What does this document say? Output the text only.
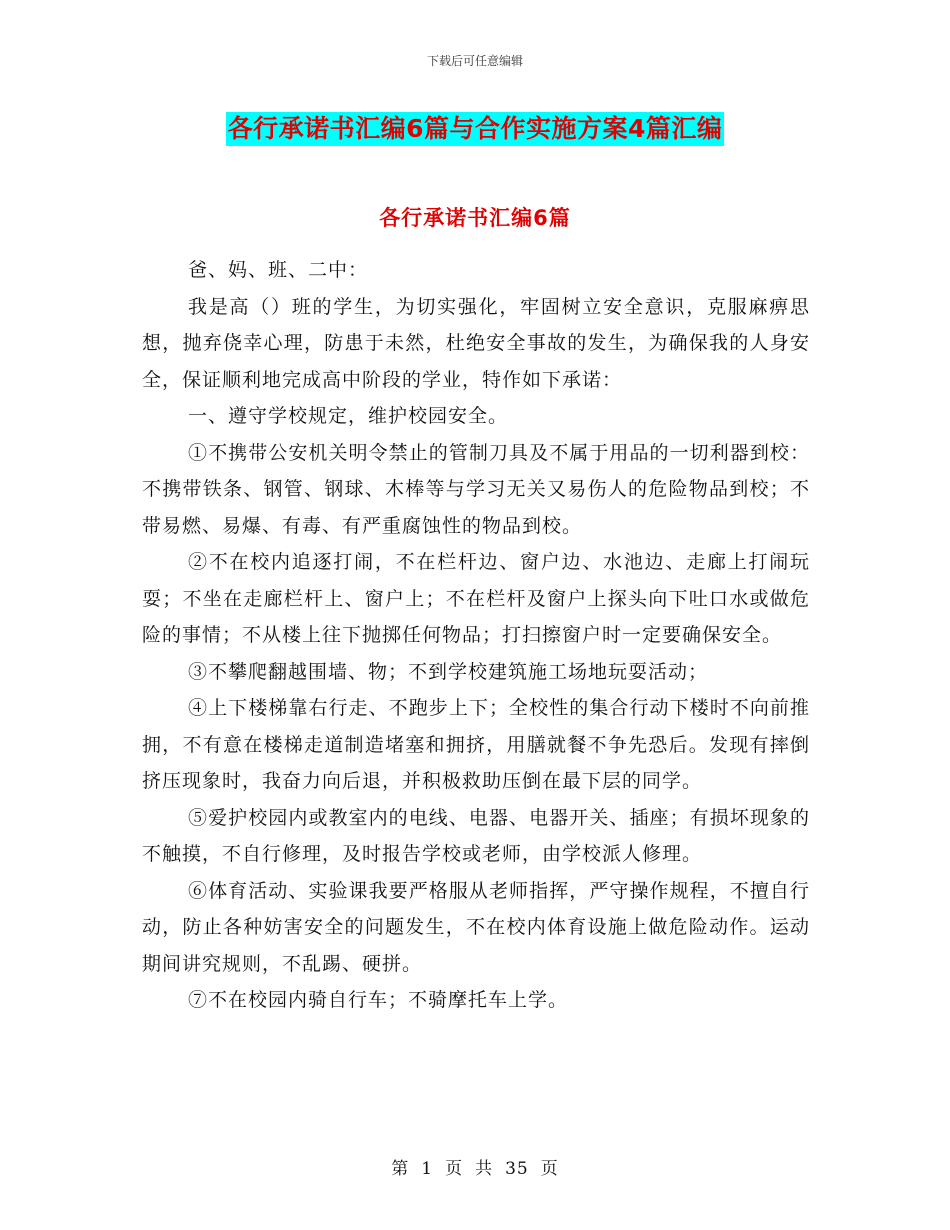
下载后可任意编辑
各行承诺书汇编6篇与合作实施方案4篇汇编
各行承诺书汇编6篇

爸、妈、班、二中：

我是高（）班的学生，为切实强化，牢固树立安全意识，克服麻痹思想，抛弃侥幸心理，防患于未然，杜绝安全事故的发生，为确保我的人身安全，保证顺利地完成高中阶段的学业，特作如下承诺：

一、遵守学校规定，维护校园安全。

①不携带公安机关明令禁止的管制刀具及不属于用品的一切利器到校：不携带铁条、钢管、钢球、木棒等与学习无关又易伤人的危险物品到校；不带易燃、易爆、有毒、有严重腐蚀性的物品到校。

②不在校内追逐打闹，不在栏杆边、窗户边、水池边、走廊上打闹玩耍；不坐在走廊栏杆上、窗户上；不在栏杆及窗户上探头向下吐口水或做危险的事情；不从楼上往下抛掷任何物品；打扫擦窗户时一定要确保安全。

③不攀爬翻越围墙、物；不到学校建筑施工场地玩耍活动；

④上下楼梯靠右行走、不跑步上下；全校性的集合行动下楼时不向前推拥，不有意在楼梯走道制造堵塞和拥挤，用膳就餐不争先恐后。发现有摔倒挤压现象时，我奋力向后退，并积极救助压倒在最下层的同学。

⑤爱护校园内或教室内的电线、电器、电器开关、插座；有损坏现象的不触摸，不自行修理，及时报告学校或老师，由学校派人修理。

⑥体育活动、实验课我要严格服从老师指挥，严守操作规程，不擅自行动，防止各种妨害安全的问题发生，不在校内体育设施上做危险动作。运动期间讲究规则，不乱踢、硬拼。

⑦不在校园内骑自行车；不骑摩托车上学。

第 1 页 共 35 页
